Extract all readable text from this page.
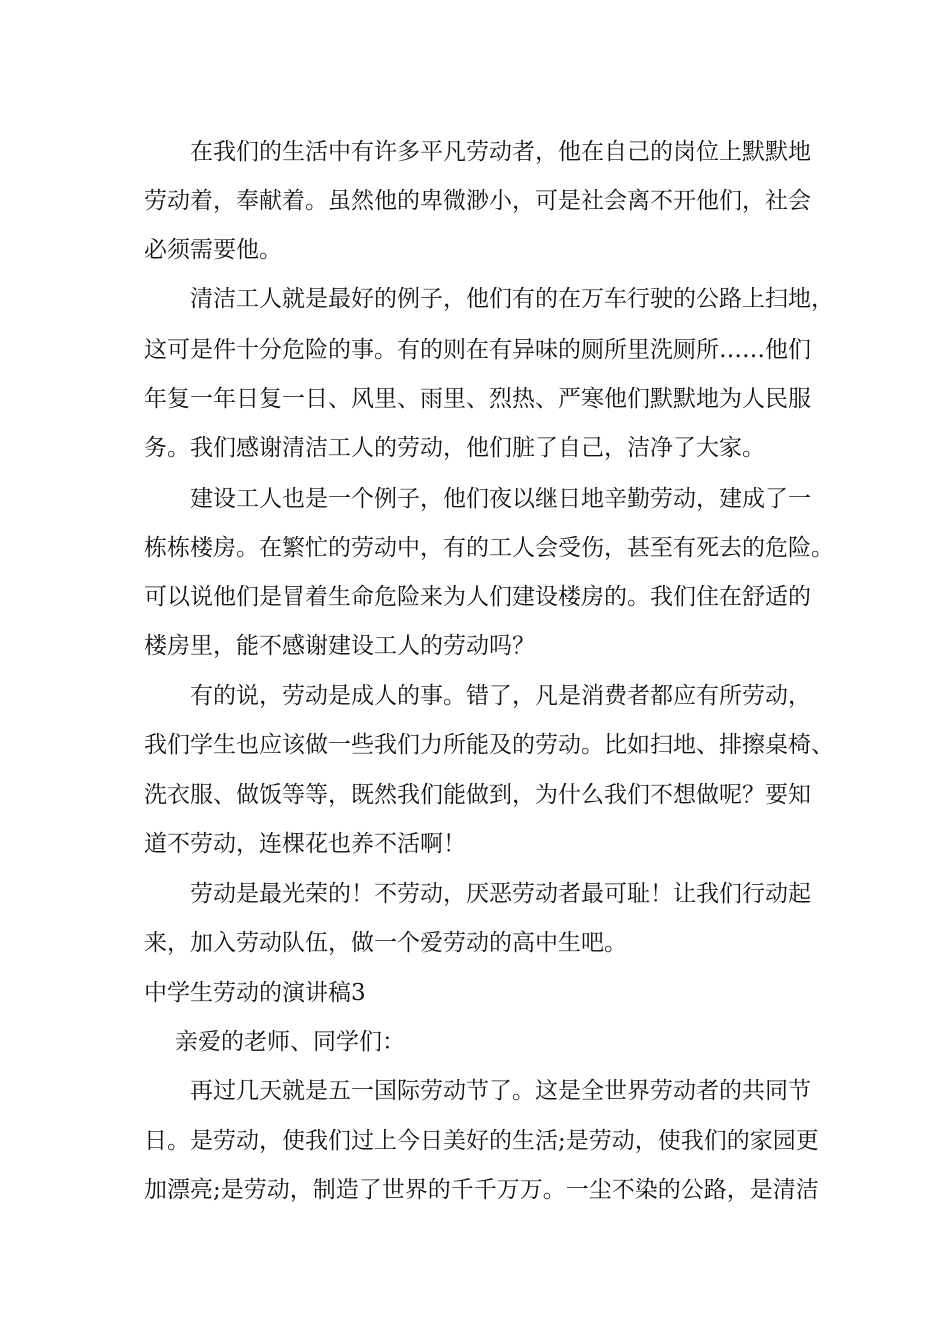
在我们的生活中有许多平凡劳动者，他在自己的岗位上默默地
劳动着，奉献着。虽然他的卑微渺小，可是社会离不开他们，社会
必须需要他。
清洁工人就是最好的例子，他们有的在万车行驶的公路上扫地，
这可是件十分危险的事。有的则在有异味的厕所里洗厕所……他们
年复一年日复一日、风里、雨里、烈热、严寒他们默默地为人民服
务。我们感谢清洁工人的劳动，他们脏了自己，洁净了大家。
建设工人也是一个例子，他们夜以继日地辛勤劳动，建成了一
栋栋楼房。在繁忙的劳动中，有的工人会受伤，甚至有死去的危险。
可以说他们是冒着生命危险来为人们建设楼房的。我们住在舒适的
楼房里，能不感谢建设工人的劳动吗？
有的说，劳动是成人的事。错了，凡是消费者都应有所劳动，
我们学生也应该做一些我们力所能及的劳动。比如扫地、排擦桌椅、
洗衣服、做饭等等，既然我们能做到，为什么我们不想做呢？要知
道不劳动，连棵花也养不活啊！
劳动是最光荣的！不劳动，厌恶劳动者最可耻！让我们行动起
来，加入劳动队伍，做一个爱劳动的高中生吧。
中学生劳动的演讲稿3
亲爱的老师、同学们：
再过几天就是五一国际劳动节了。这是全世界劳动者的共同节
日。是劳动，使我们过上今日美好的生活;是劳动，使我们的家园更
加漂亮;是劳动，制造了世界的千千万万。一尘不染的公路，是清洁
